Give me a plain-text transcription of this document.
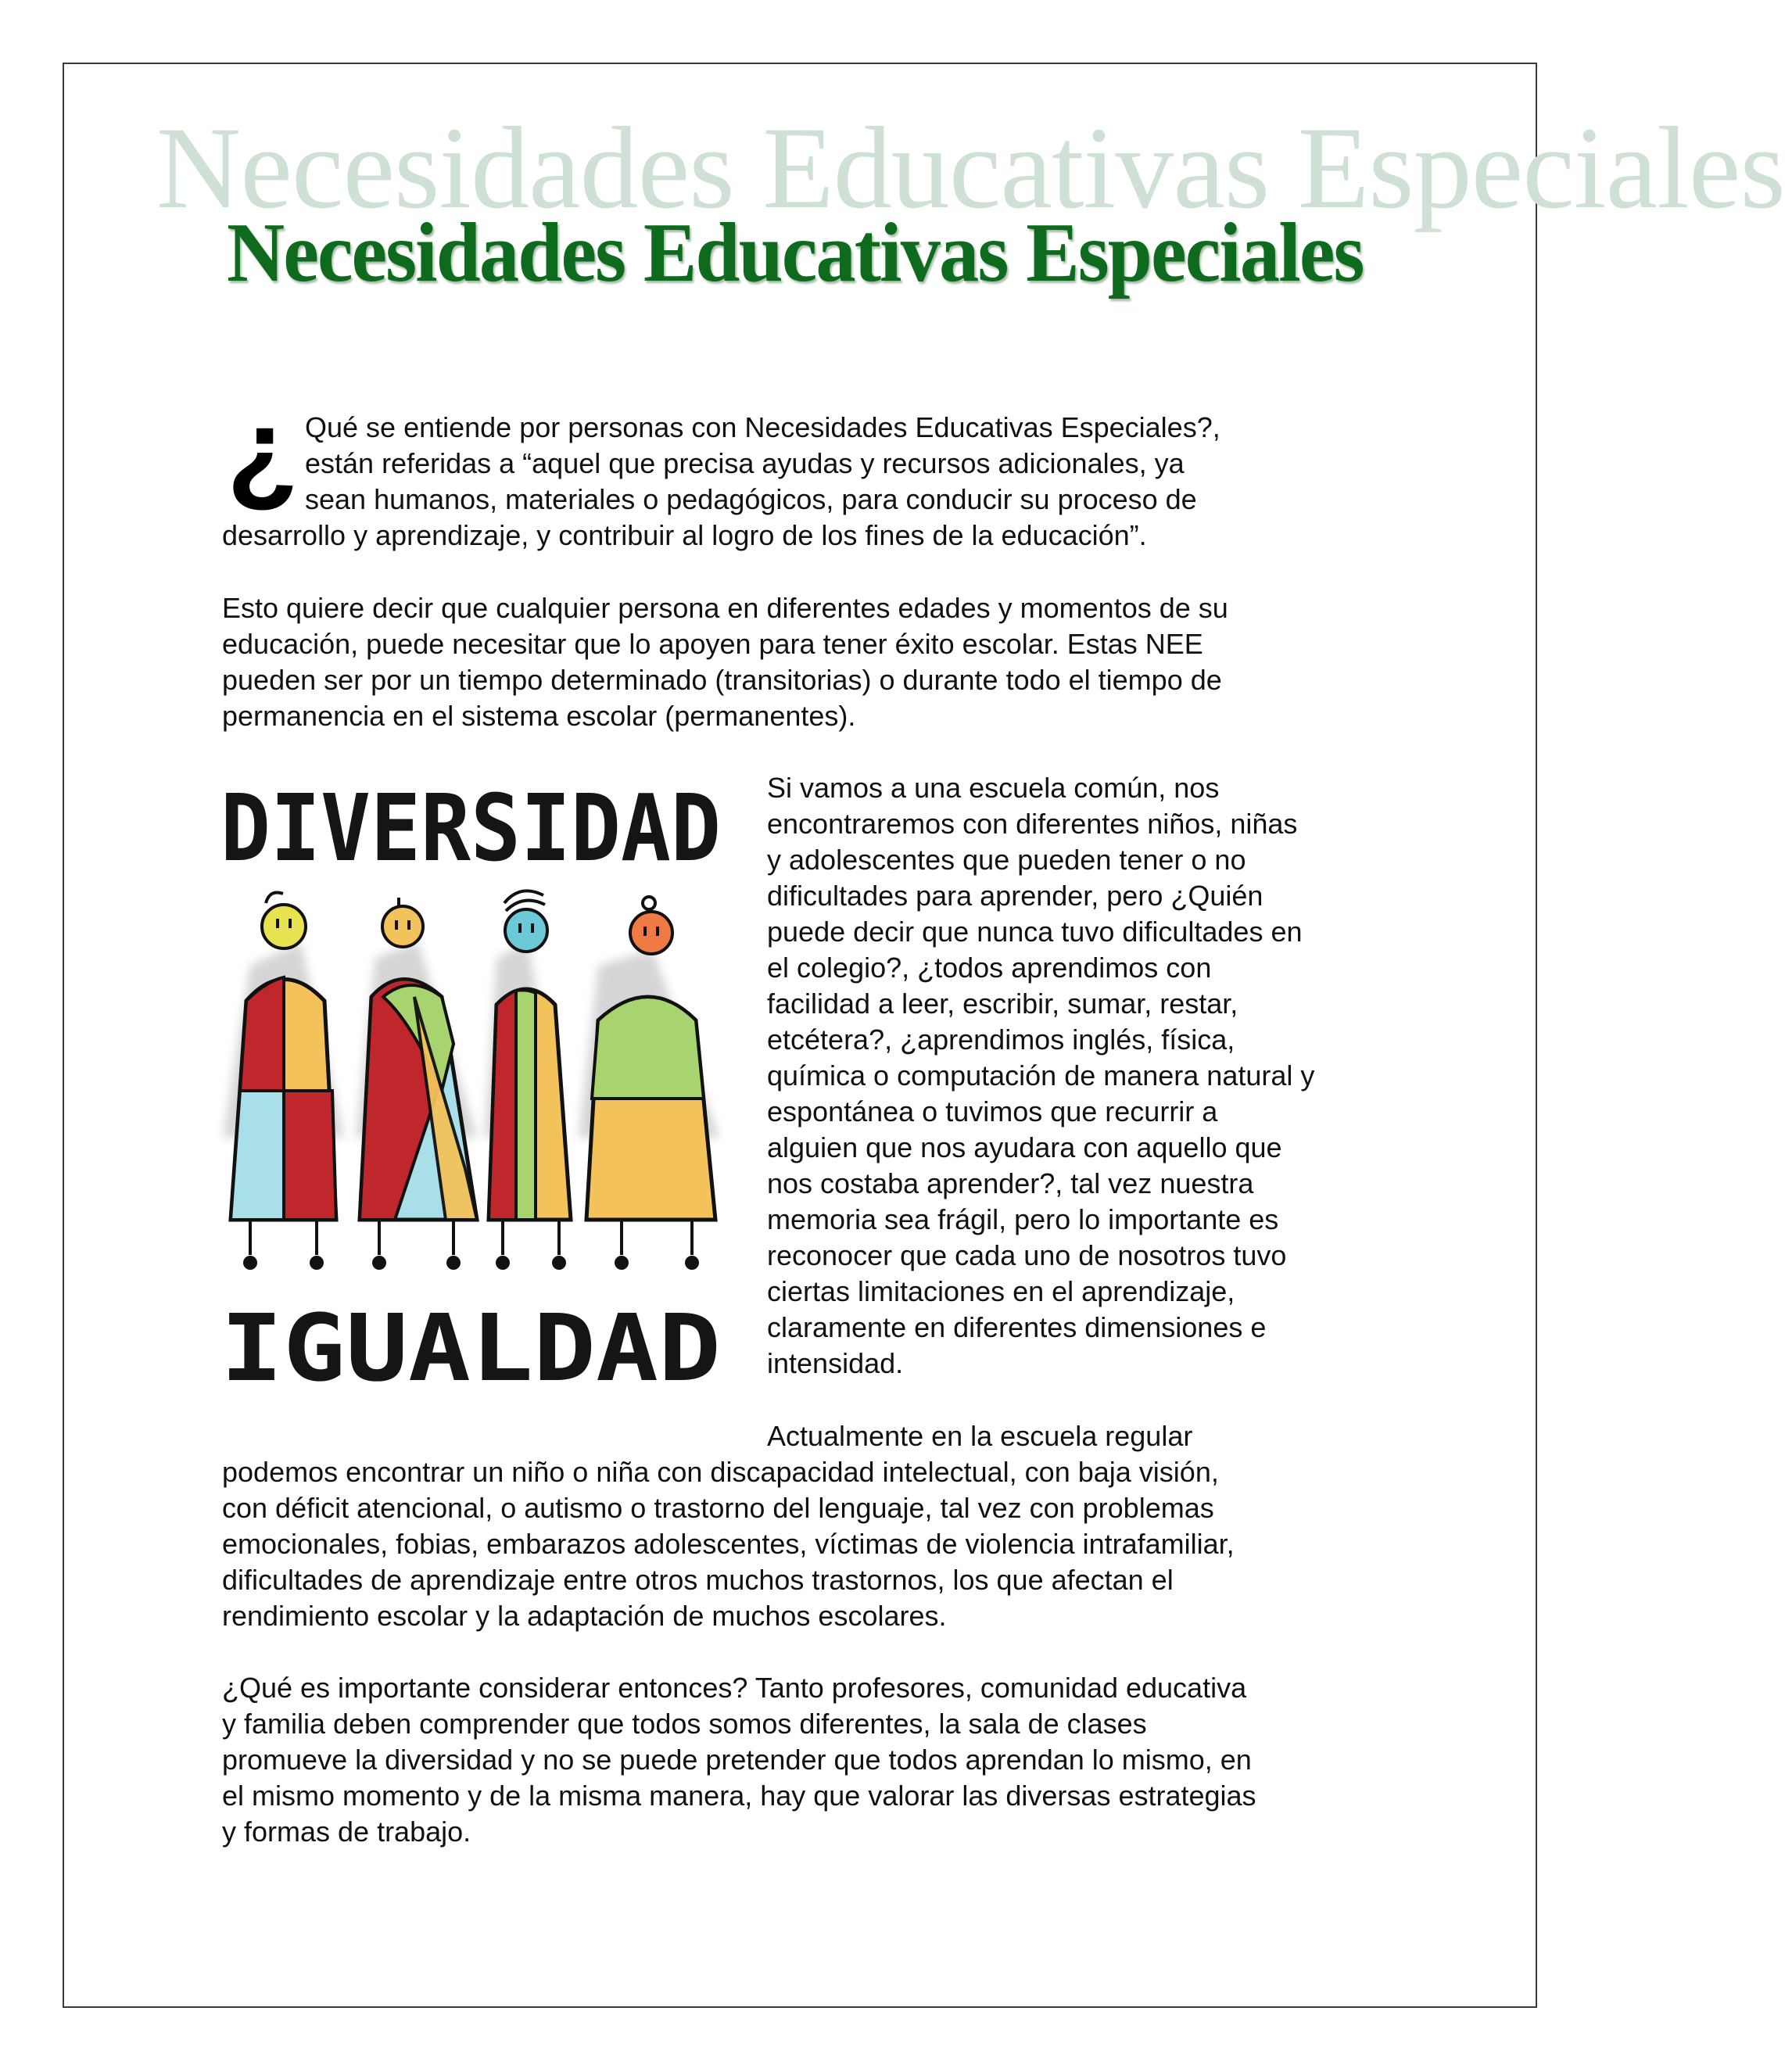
Necesidades Educativas Especiales
Necesidades Educativas Especiales
¿ Qué se entiende por personas con Necesidades Educativas Especiales?,
están referidas a “aquel que precisa ayudas y recursos adicionales, ya
sean humanos, materiales o pedagógicos, para conducir su proceso de
desarrollo y aprendizaje, y contribuir al logro de los fines de la educación”.
Esto quiere decir que cualquier persona en diferentes edades y momentos de su
educación, puede necesitar que lo apoyen para tener éxito escolar. Estas NEE
pueden ser por un tiempo determinado (transitorias) o durante todo el tiempo de
permanencia en el sistema escolar (permanentes).
DIVERSIDAD
IGUALDAD
Si vamos a una escuela común, nos
encontraremos con diferentes niños, niñas
y adolescentes que pueden tener o no
dificultades para aprender, pero ¿Quién
puede decir que nunca tuvo dificultades en
el colegio?, ¿todos aprendimos con
facilidad a leer, escribir, sumar, restar,
etcétera?, ¿aprendimos inglés, física,
química o computación de manera natural y
espontánea o tuvimos que recurrir a
alguien que nos ayudara con aquello que
nos costaba aprender?, tal vez nuestra
memoria sea frágil, pero lo importante es
reconocer que cada uno de nosotros tuvo
ciertas limitaciones en el aprendizaje,
claramente en diferentes dimensiones e
intensidad.
Actualmente en la escuela regular
podemos encontrar un niño o niña con discapacidad intelectual, con baja visión,
con déficit atencional, o autismo o trastorno del lenguaje, tal vez con problemas
emocionales, fobias, embarazos adolescentes, víctimas de violencia intrafamiliar,
dificultades de aprendizaje entre otros muchos trastornos, los que afectan el
rendimiento escolar y la adaptación de muchos escolares.
¿Qué es importante considerar entonces? Tanto profesores, comunidad educativa
y familia deben comprender que todos somos diferentes, la sala de clases
promueve la diversidad y no se puede pretender que todos aprendan lo mismo, en
el mismo momento y de la misma manera, hay que valorar las diversas estrategias
y formas de trabajo.
